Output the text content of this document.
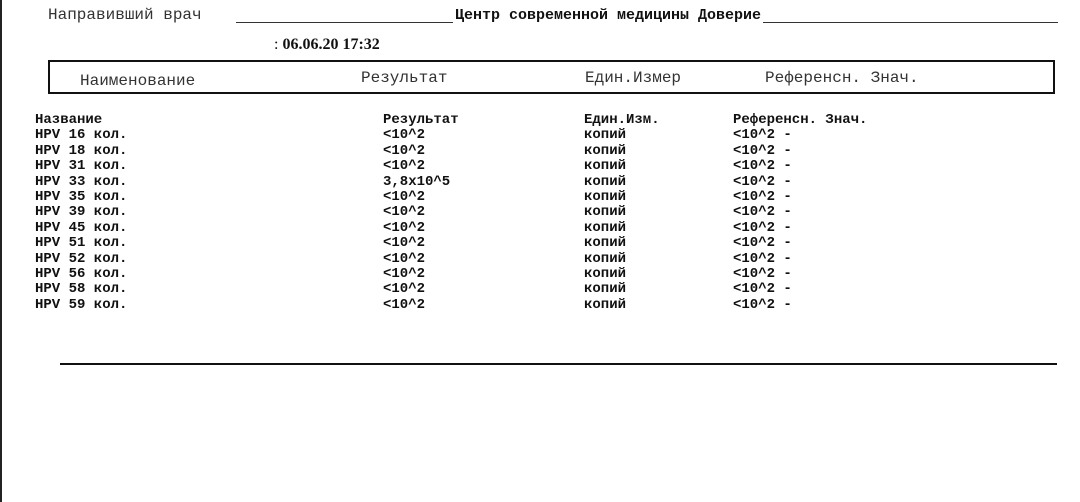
Направивший врач	Центр современной медицины Доверие
: 06.06.20 17:32
Наименование	Результат	Един.Измер	Референсн. Знач.
Название	Результат	Един.Изм.	Референсн. Знач.
HPV 16 кол.	<10^2	копий	<10^2 -
HPV 18 кол.	<10^2	копий	<10^2 -
HPV 31 кол.	<10^2	копий	<10^2 -
HPV 33 кол.	3,8x10^5	копий	<10^2 -
HPV 35 кол.	<10^2	копий	<10^2 -
HPV 39 кол.	<10^2	копий	<10^2 -
HPV 45 кол.	<10^2	копий	<10^2 -
HPV 51 кол.	<10^2	копий	<10^2 -
HPV 52 кол.	<10^2	копий	<10^2 -
HPV 56 кол.	<10^2	копий	<10^2 -
HPV 58 кол.	<10^2	копий	<10^2 -
HPV 59 кол.	<10^2	копий	<10^2 -
